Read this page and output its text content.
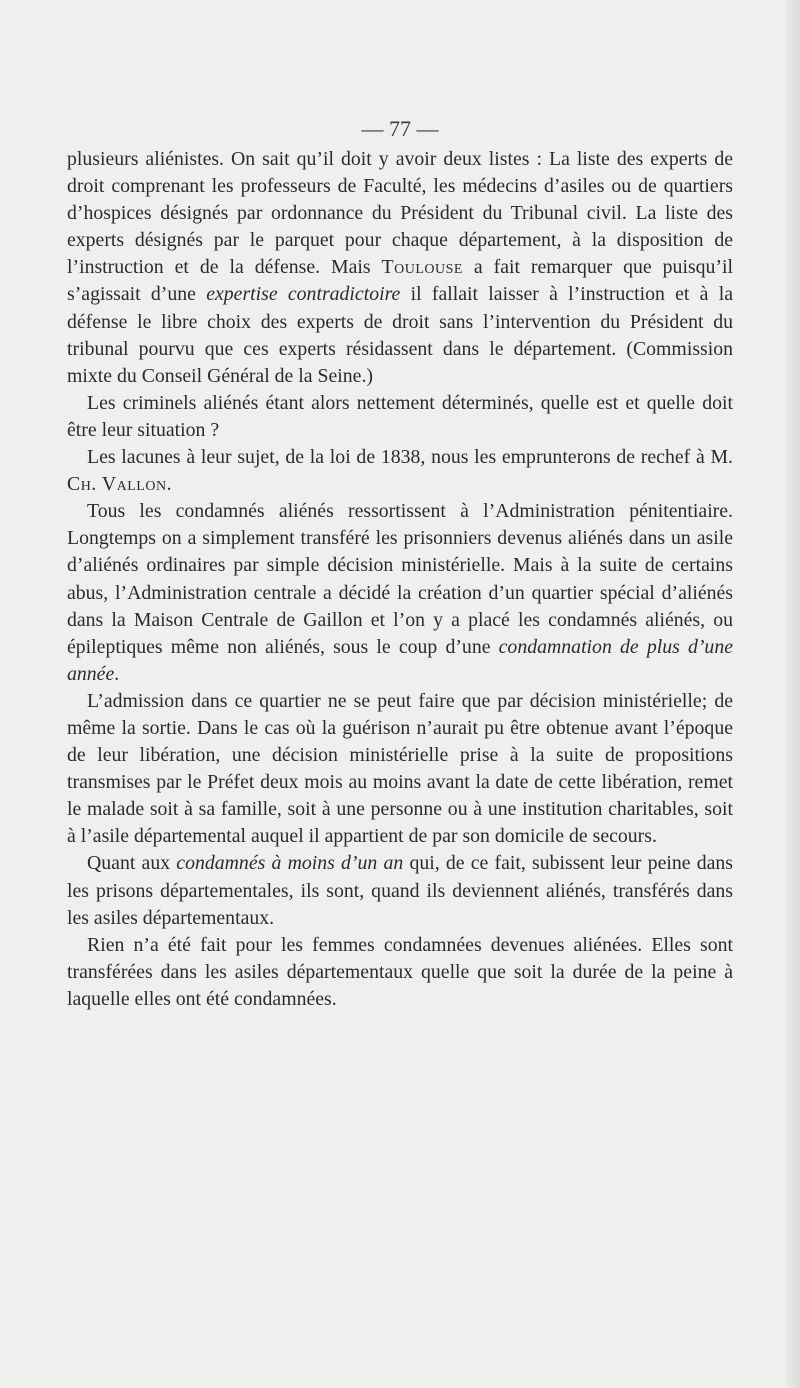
— 77 —

plusieurs aliénistes. On sait qu’il doit y avoir deux listes : La liste des experts de droit comprenant les professeurs de Faculté, les médecins d’asiles ou de quartiers d’hospices désignés par ordonnance du Président du Tribunal civil. La liste des experts désignés par le parquet pour chaque département, à la disposition de l’instruction et de la défense. Mais Toulouse a fait remarquer que puisqu’il s’agissait d’une expertise contradictoire il fallait laisser à l’instruction et à la défense le libre choix des experts de droit sans l’intervention du Président du tribunal pourvu que ces experts résidassent dans le département. (Commission mixte du Conseil Général de la Seine.)

Les criminels aliénés étant alors nettement déterminés, quelle est et quelle doit être leur situation ?

Les lacunes à leur sujet, de la loi de 1838, nous les emprunterons de rechef à M. Ch. Vallon.

Tous les condamnés aliénés ressortissent à l’Administration pénitentiaire. Longtemps on a simplement transféré les prisonniers devenus aliénés dans un asile d’aliénés ordinaires par simple décision ministérielle. Mais à la suite de certains abus, l’Administration centrale a décidé la création d’un quartier spécial d’aliénés dans la Maison Centrale de Gaillon et l’on y a placé les condamnés aliénés, ou épileptiques même non aliénés, sous le coup d’une condamnation de plus d’une année.

L’admission dans ce quartier ne se peut faire que par décision ministérielle; de même la sortie. Dans le cas où la guérison n’aurait pu être obtenue avant l’époque de leur libération, une décision ministérielle prise à la suite de propositions transmises par le Préfet deux mois au moins avant la date de cette libération, remet le malade soit à sa famille, soit à une personne ou à une institution charitables, soit à l’asile départemental auquel il appartient de par son domicile de secours.

Quant aux condamnés à moins d’un an qui, de ce fait, subissent leur peine dans les prisons départementales, ils sont, quand ils deviennent aliénés, transférés dans les asiles départementaux.

Rien n’a été fait pour les femmes condamnées devenues aliénées. Elles sont transférées dans les asiles départementaux quelle que soit la durée de la peine à laquelle elles ont été condamnées.
